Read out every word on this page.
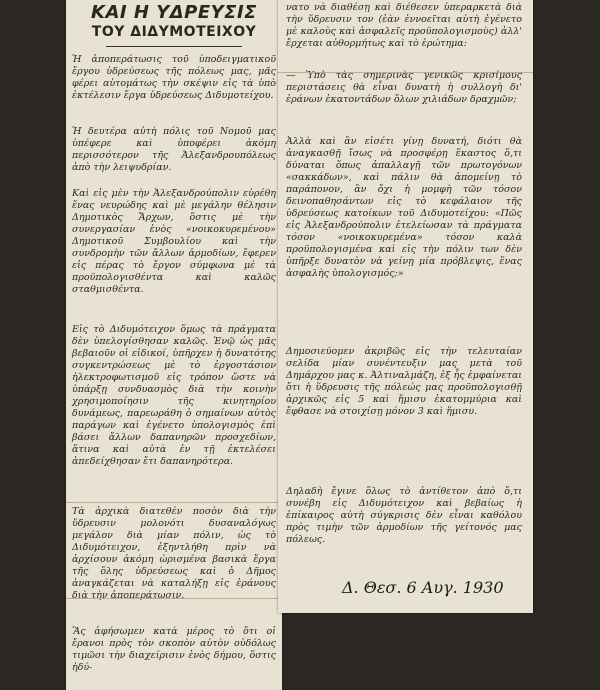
ΚΑΙ Η ΥΔΡΕΥΣΙΣ
ΤΟΥ ΔΙΔΥΜΟΤΕΙΧΟΥ
Ἡ ἀποπεράτωσις τοῦ ὑποδειγματικοῦ ἔργου ὑδρεύσεως τῆς πόλεως μας, μᾶς φέρει αὐτομάτως τὴν σκέψιν εἰς τὰ ὑπὸ ἐκτέλεσιν ἔργα ὑδρεύσεως Διδυμοτείχου.
Ἡ δευτέρα αὐτὴ πόλις τοῦ Νομοῦ μας ὑπέφερε καὶ ὑποφέρει ἀκόμη περισσότερον τῆς Ἀλεξανδρουπόλεως ἀπὸ τὴν λειψυδρίαν.
Καὶ εἰς μὲν τὴν Ἀλεξανδρούπολιν εὑρέθη ἕνας νευρώδης καὶ μὲ μεγάλην θέλησιν Δημοτικὸς Ἄρχων, ὅστις μὲ τὴν συνεργασίαν ἑνὸς «νοικοκυρεμένου» Δημοτικοῦ Συμβουλίου καὶ τὴν συνδρομὴν τῶν ἄλλων ἁρμοδίων, ἔφερεν εἰς πέρας τὸ ἔργον σύμφωνα μὲ τὰ προϋπολογισθέντα καὶ καλῶς σταθμισθέντα.
Εἰς τὸ Διδυμότειχον ὅμως τὰ πράγματα δὲν ὑπελογίσθησαν καλῶς. Ἐνῷ ὡς μᾶς βεβαιοῦν οἱ εἰδικοί, ὑπῆρχεν ἡ δυνατότης συγκεντρώσεως μὲ τὸ ἐργοστάσιον ἠλεκτροφωτισμοῦ εἰς τρόπον ὥστε νὰ ὑπάρξῃ συνδυασμὸς διὰ τὴν κοινὴν χρησιμοποίησιν τῆς κινητηρίου δυνάμεως, παρεωράθη ὁ σημαίνων αὐτὸς παράγων καὶ ἐγένετο ὑπολογισμὸς ἐπὶ βάσει ἄλλων δαπανηρῶν προσχεδίων, ἅτινα καὶ αὐτὰ ἐν τῇ ἐκτελέσει ἀπεδείχθησαν ἔτι δαπανηρότερα.
Τὰ ἀρχικὰ διατεθέν ποσὸν διὰ τὴν ὕδρευσιν μολονότι δυσαναλόγως μεγάλον διὰ μίαν πόλιν, ὡς τὸ Διδυμότειχον, ἐξηντλήθη πρὶν νὰ ἀρχίσουν ἀκόμη ὡρισμένα βασικὰ ἔργα τῆς ὅλης ὑδρεύσεως καὶ ὁ Δῆμος ἀναγκάζεται νὰ καταλήξῃ εἰς ἐράνους διὰ τὴν ἀποπεράτωσιν.
Ἂς ἀφήσωμεν κατὰ μέρος τὸ ὅτι οἱ ἔρανοι πρὸς τὸν σκοπὸν αὐτὸν οὐδόλως τιμῶσι τὴν διαχείρισιν ἑνὸς δήμου, ὅστις ἠδύ-
νατο νὰ διαθέσῃ καὶ διέθεσεν ὑπεραρκετὰ διὰ τὴν ὕδρευσιν τον (ἐὰν ἐννοεῖται αὐτὴ ἐγένετο μὲ καλοὺς καὶ ἀσφαλεῖς προϋπολογισμοὺς) ἀλλ' ἔρχεται αὐθορμήτως καὶ τὸ ἐρώτημα:
— Ὑπὸ τὰς σημερινὰς γενικῶς κρισίμους περιστάσεις θὰ εἶναι δυνατὴ ἡ συλλογὴ δι' ἐράνων ἑκατοντάδων ὅλων χιλιάδων δραχμῶν;
Ἀλλὰ καὶ ἂν εἰσέτι γίνῃ δυνατή, διότι θὰ ἀναγκασθῇ ἴσως νὰ προσφέρῃ ἕκαστος ὅ,τι δύναται ὅπως ἀπαλλαγῇ τῶν πρωτογόνων «σακκάδων», καὶ πάλιν θὰ ἀπομείνῃ τὸ παράπονον, ἂν ὄχι ἡ μομφὴ τῶν τόσον δεινοπαθησάντων εἰς τὸ κεφάλαιον τῆς ὑδρεύσεως κατοίκων τοῦ Διδυμοτείχου: «Πῶς εἰς Ἀλεξανδρούπολιν ἐτελείωσαν τὰ πράγματα τόσον «νοικοκυρεμένα» τόσον καλὰ προϋπολογισμένα καὶ εἰς τὴν πόλιν των δὲν ὑπῆρξε δυνατὸν νὰ γείνῃ μία πρόβλεψις, ἕνας ἀσφαλὴς ὑπολογισμός;»
Δημοσιεύομεν ἀκριβῶς εἰς τὴν τελευταίαν σελίδα μίαν συνέντευξιν μας μετὰ τοῦ Δημάρχου μας κ. Ἀλτιναλμάζη, ἐξ ἧς ἐμφαίνεται ὅτι ἡ ὕδρευσις τῆς πόλεώς μας προϋπολογισθῇ ἀρχικῶς εἰς 5 καὶ ἥμισυ ἑκατομμύρια καὶ ἔφθασε νὰ στοιχίσῃ μόνον 3 καὶ ἥμισυ.
Δηλαδὴ ἔγινε ὅλως τὸ ἀντίθετον ἀπὸ ὅ,τι συνέβη εἰς Διδυμότειχον καὶ βεβαίως ἡ ἐπίκαιρος αὐτὴ σύγκρισις δὲν εἶναι καθόλου πρὸς τιμὴν τῶν ἁρμοδίων τῆς γείτονός μας πόλεως.
Δ. Θεσ. 6 Αυγ. 1930
